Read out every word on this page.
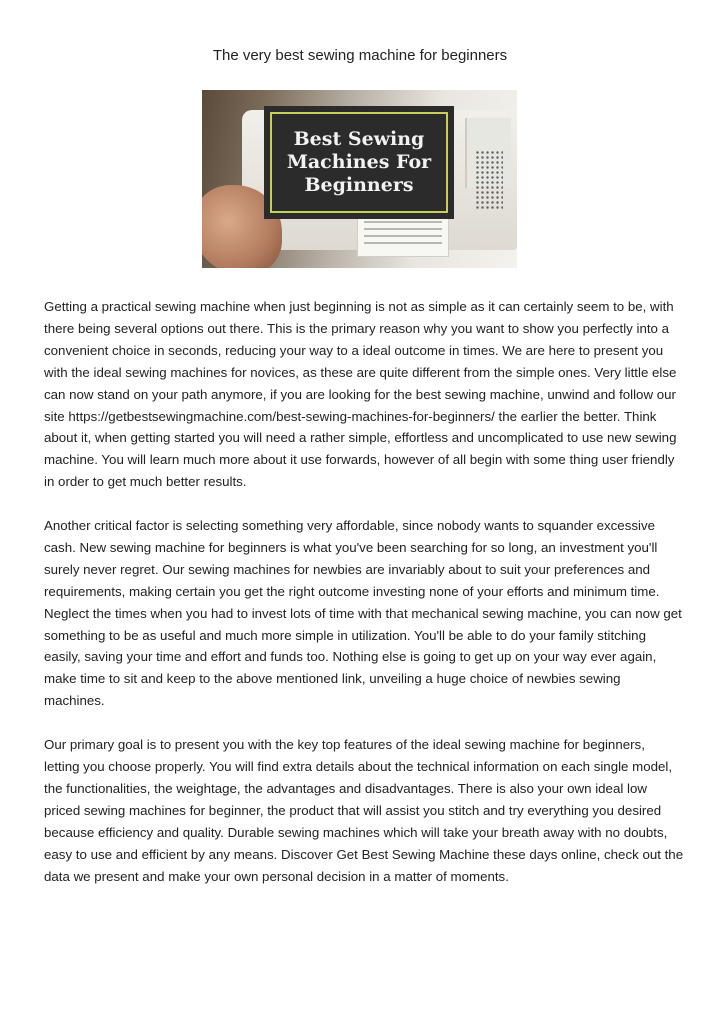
The very best sewing machine for beginners
Best Sewing
Machines For
Beginners

Getting a practical sewing machine when just beginning is not as simple as it can certainly seem to be, with there being several options out there. This is the primary reason why you want to show you perfectly into a convenient choice in seconds, reducing your way to a ideal outcome in times. We are here to present you with the ideal sewing machines for novices, as these are quite different from the simple ones. Very little else can now stand on your path anymore, if you are looking for the best sewing machine, unwind and follow our site https://getbestsewingmachine.com/best-sewing-machines-for-beginners/ the earlier the better. Think about it, when getting started you will need a rather simple, effortless and uncomplicated to use new sewing machine. You will learn much more about it use forwards, however of all begin with some thing user friendly in order to get much better results.

Another critical factor is selecting something very affordable, since nobody wants to squander excessive cash. New sewing machine for beginners is what you've been searching for so long, an investment you'll surely never regret. Our sewing machines for newbies are invariably about to suit your preferences and requirements, making certain you get the right outcome investing none of your efforts and minimum time. Neglect the times when you had to invest lots of time with that mechanical sewing machine, you can now get something to be as useful and much more simple in utilization. You'll be able to do your family stitching easily, saving your time and effort and funds too. Nothing else is going to get up on your way ever again, make time to sit and keep to the above mentioned link, unveiling a huge choice of newbies sewing machines.

Our primary goal is to present you with the key top features of the ideal sewing machine for beginners, letting you choose properly. You will find extra details about the technical information on each single model, the functionalities, the weightage, the advantages and disadvantages. There is also your own ideal low priced sewing machines for beginner, the product that will assist you stitch and try everything you desired because efficiency and quality. Durable sewing machines which will take your breath away with no doubts, easy to use and efficient by any means. Discover Get Best Sewing Machine these days online, check out the data we present and make your own personal decision in a matter of moments.
